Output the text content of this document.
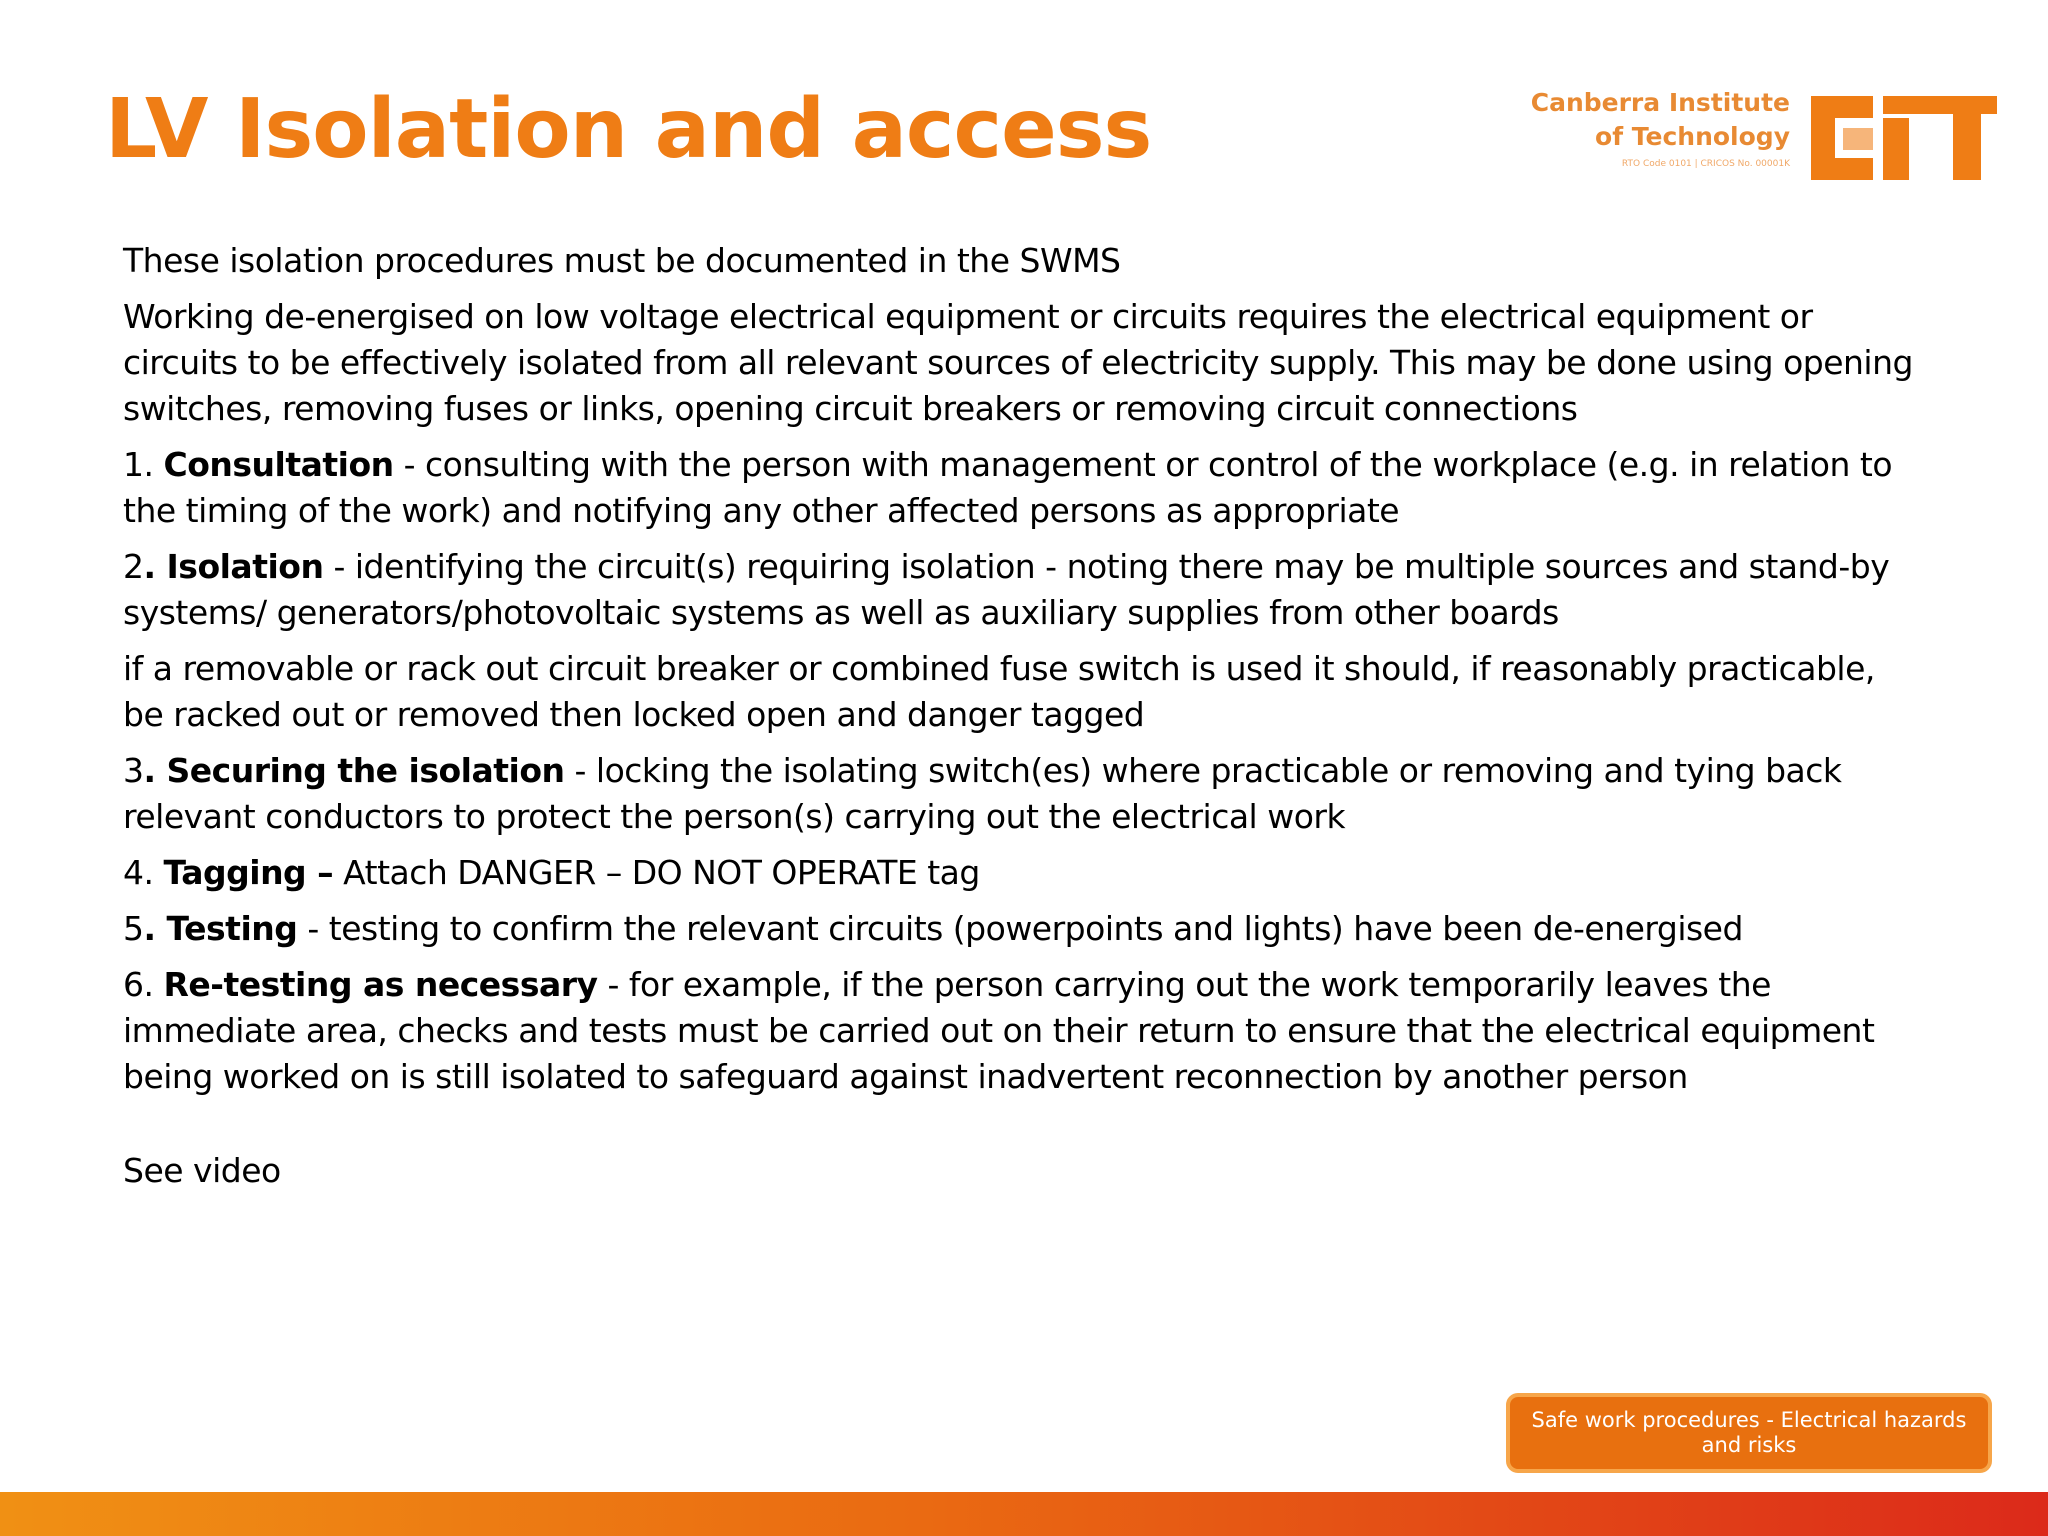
LV Isolation and access	Canberra Institute
of Technology
RTO Code 0101 | CRICOS No. 00001K

These isolation procedures must be documented in the SWMS

Working de-energised on low voltage electrical equipment or circuits requires the electrical equipment or circuits to be effectively isolated from all relevant sources of electricity supply. This may be done using opening switches, removing fuses or links, opening circuit breakers or removing circuit connections

1. Consultation - consulting with the person with management or control of the workplace (e.g. in relation to the timing of the work) and notifying any other affected persons as appropriate

2. Isolation - identifying the circuit(s) requiring isolation - noting there may be multiple sources and stand-by systems/ generators/photovoltaic systems as well as auxiliary supplies from other boards

if a removable or rack out circuit breaker or combined fuse switch is used it should, if reasonably practicable, be racked out or removed then locked open and danger tagged

3. Securing the isolation - locking the isolating switch(es) where practicable or removing and tying back relevant conductors to protect the person(s) carrying out the electrical work

4. Tagging – Attach DANGER – DO NOT OPERATE tag

5. Testing - testing to confirm the relevant circuits (powerpoints and lights) have been de-energised

6. Re-testing as necessary - for example, if the person carrying out the work temporarily leaves the immediate area, checks and tests must be carried out on their return to ensure that the electrical equipment being worked on is still isolated to safeguard against inadvertent reconnection by another person

See video

Safe work procedures - Electrical hazards and risks
